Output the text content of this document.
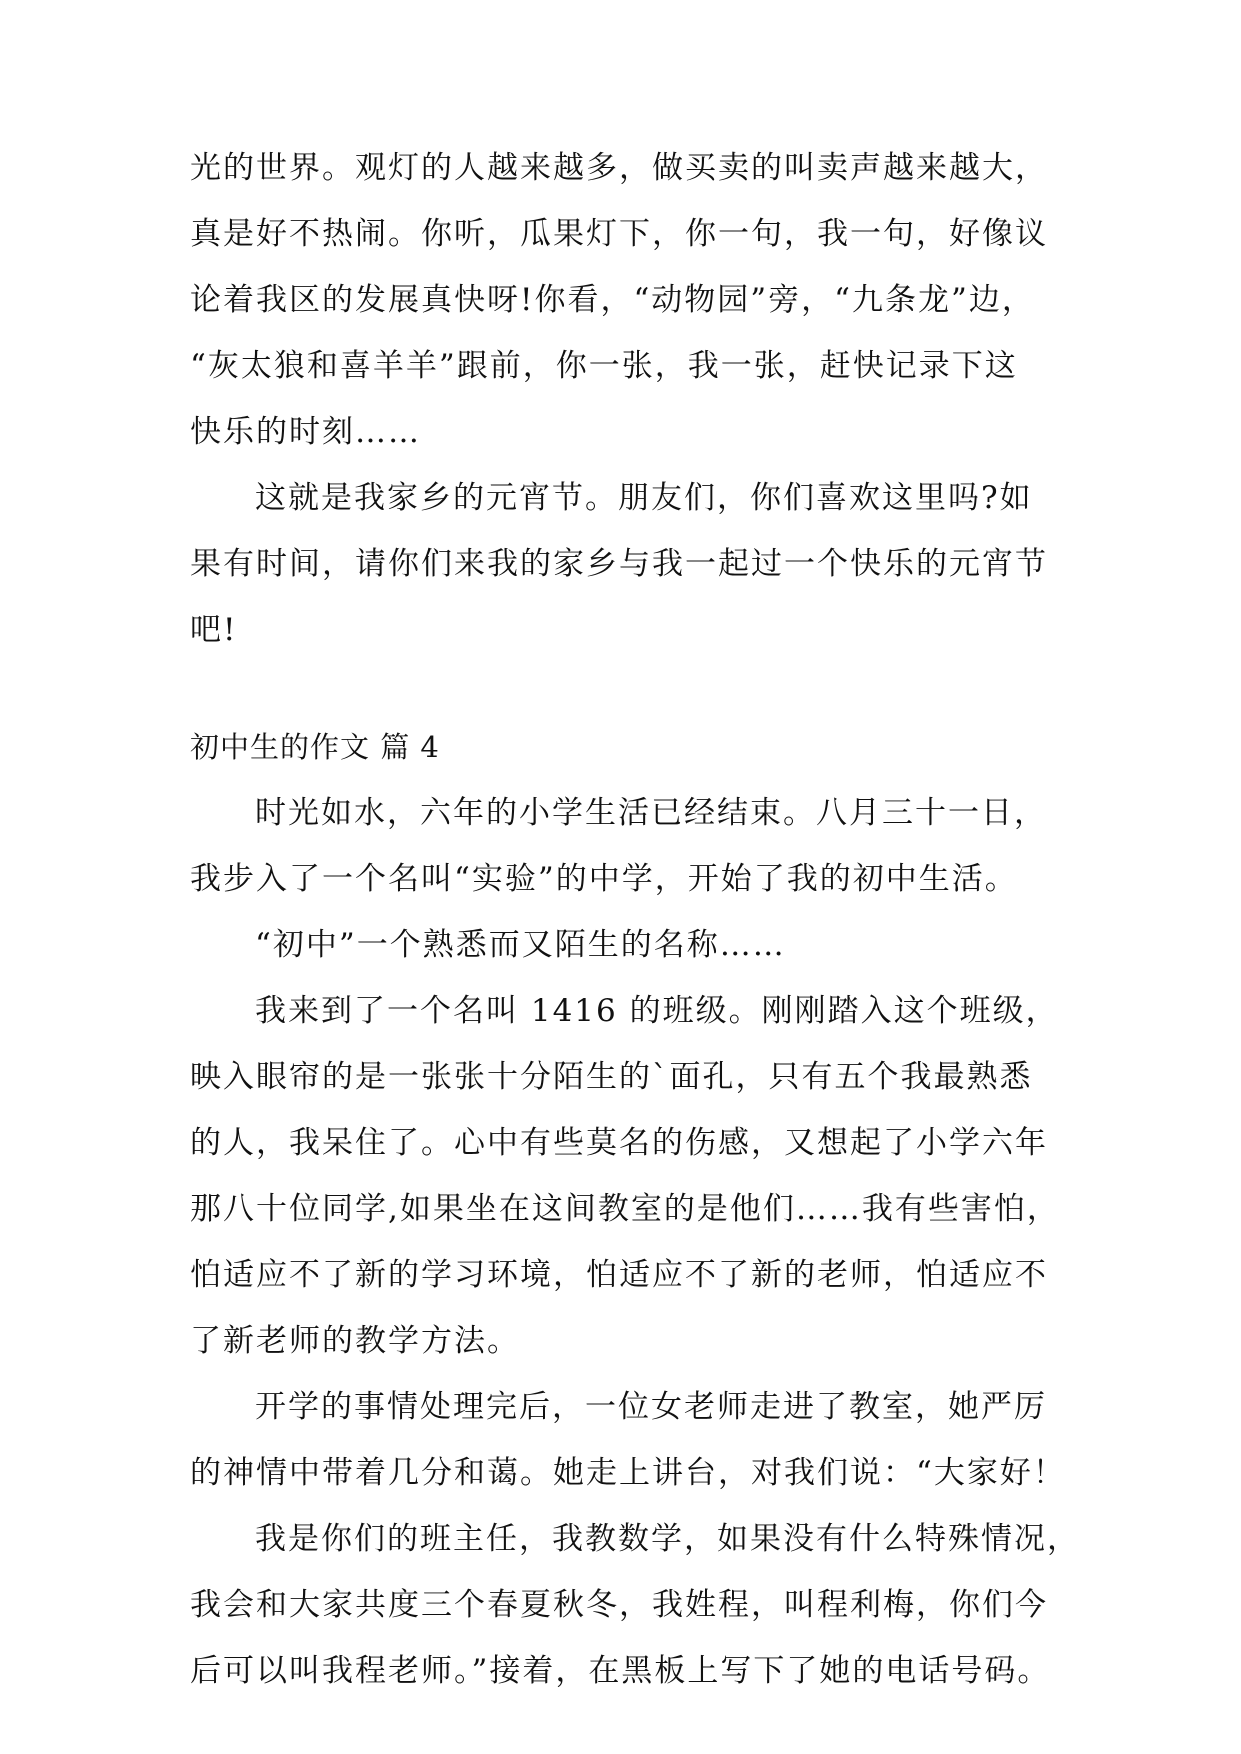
光的世界。观灯的人越来越多，做买卖的叫卖声越来越大，
真是好不热闹。你听，瓜果灯下，你一句，我一句，好像议
论着我区的发展真快呀!你看，“动物园”旁，“九条龙”边，
“灰太狼和喜羊羊”跟前，你一张，我一张，赶快记录下这
快乐的时刻……
这就是我家乡的元宵节。朋友们，你们喜欢这里吗?如
果有时间，请你们来我的家乡与我一起过一个快乐的元宵节
吧!
初中生的作文 篇 4
时光如水，六年的小学生活已经结束。八月三十一日，
我步入了一个名叫“实验”的中学，开始了我的初中生活。
“初中”一个熟悉而又陌生的名称……
我来到了一个名叫 1416 的班级。刚刚踏入这个班级，
映入眼帘的是一张张十分陌生的`面孔，只有五个我最熟悉
的人，我呆住了。心中有些莫名的伤感，又想起了小学六年
那八十位同学,如果坐在这间教室的是他们……我有些害怕，
怕适应不了新的学习环境，怕适应不了新的老师，怕适应不
了新老师的教学方法。
开学的事情处理完后，一位女老师走进了教室，她严厉
的神情中带着几分和蔼。她走上讲台，对我们说：“大家好！
我是你们的班主任，我教数学，如果没有什么特殊情况，
我会和大家共度三个春夏秋冬，我姓程，叫程利梅，你们今
后可以叫我程老师。”接着，在黑板上写下了她的电话号码。
